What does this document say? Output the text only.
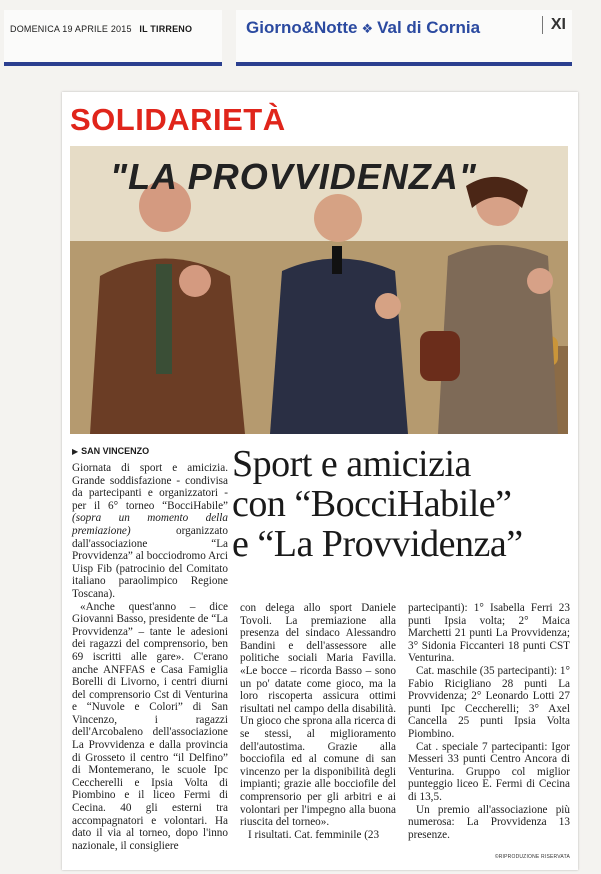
DOMENICA 19 APRILE 2015 IL TIRRENO	Giorno&Notte ❖ Val di Cornia	XI
SOLIDARIETÀ
"LA PROVVIDENZA"
▶ SAN VINCENZO Sport e amicizia
con “BocciHabile”
e “La Provvidenza”

Giornata di sport e amicizia. Grande soddisfazione - condivisa da partecipanti e organizzatori - per il 6° torneo “BocciHabile” (sopra un momento della premiazione) organizzato dall'associazione “La Provvidenza” al bocciodromo Arci Uisp Fib (patrocinio del Comitato italiano paraolimpico Regione Toscana).

«Anche quest'anno – dice Giovanni Basso, presidente de “La Provvidenza” – tante le adesioni dei ragazzi del comprensorio, ben 69 iscritti alle gare». C'erano anche ANFFAS e Casa Famiglia Borelli di Livorno, i centri diurni del comprensorio Cst di Venturina e “Nuvole e Colori” di San Vincenzo, i ragazzi dell'Arcobaleno dell'associazione La Provvidenza e dalla provincia di Grosseto il centro “il Delfino” di Montemerano, le scuole Ipc Ceccherelli e Ipsia Volta di Piombino e il liceo Fermi di Cecina. 40 gli esterni tra accompagnatori e volontari. Ha dato il via al torneo, dopo l'inno nazionale, il consigliere

con delega allo sport Daniele Tovoli. La premiazione alla presenza del sindaco Alessandro Bandini e dell'assessore alle politiche sociali Maria Favilla. «Le bocce – ricorda Basso – sono un po' datate come gioco, ma la loro riscoperta assicura ottimi risultati nel campo della disabilità. Un gioco che sprona alla ricerca di se stessi, al miglioramento dell'autostima. Grazie alla bocciofila ed al comune di san vincenzo per la disponibilità degli impianti; grazie alle bocciofile del comprensorio per gli arbitri e ai volontari per l'impegno alla buona riuscita del torneo».

I risultati. Cat. femminile (23

partecipanti): 1° Isabella Ferri 23 punti Ipsia volta; 2° Maica Marchetti 21 punti La Provvidenza; 3° Sidonia Ficcanteri 18 punti CST Venturina.

Cat. maschile (35 partecipanti): 1° Fabio Ricigliano 28 punti La Provvidenza; 2° Leonardo Lotti 27 punti Ipc Ceccherelli; 3° Axel Cancella 25 punti Ipsia Volta Piombino.

Cat . speciale 7 partecipanti: Igor Messeri 33 punti Centro Ancora di Venturina. Gruppo col miglior punteggio liceo E. Fermi di Cecina di 13,5.

Un premio all'associazione più numerosa: La Provvidenza 13 presenze.

©RIPRODUZIONE RISERVATA
